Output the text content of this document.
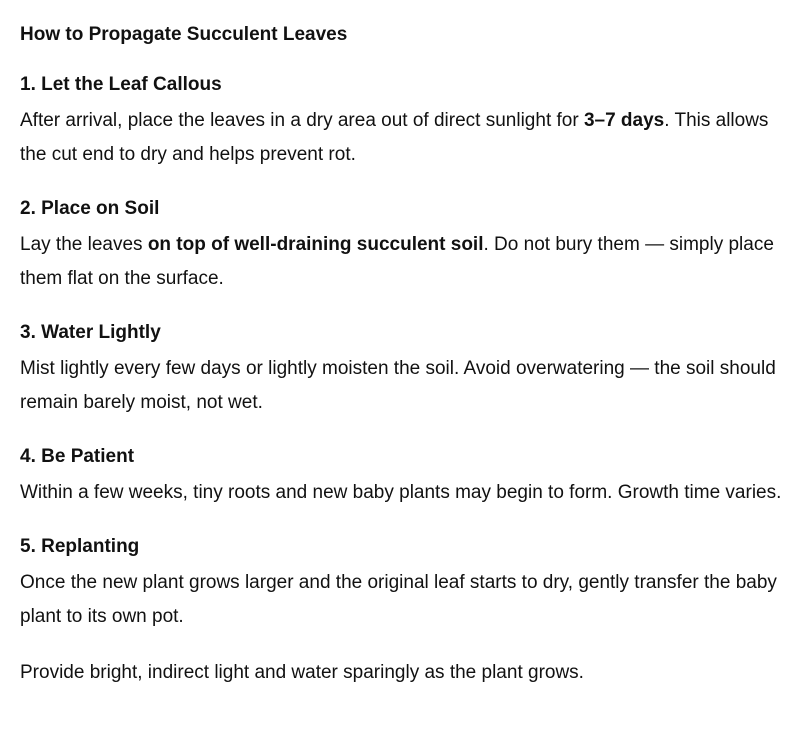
How to Propagate Succulent Leaves
1. Let the Leaf Callous

After arrival, place the leaves in a dry area out of direct sunlight for 3–7 days. This allows the cut end to dry and helps prevent rot.

2. Place on Soil

Lay the leaves on top of well-draining succulent soil. Do not bury them — simply place them flat on the surface.

3. Water Lightly

Mist lightly every few days or lightly moisten the soil. Avoid overwatering — the soil should remain barely moist, not wet.

4. Be Patient

Within a few weeks, tiny roots and new baby plants may begin to form. Growth time varies.

5. Replanting

Once the new plant grows larger and the original leaf starts to dry, gently transfer the baby plant to its own pot.

Provide bright, indirect light and water sparingly as the plant grows.
